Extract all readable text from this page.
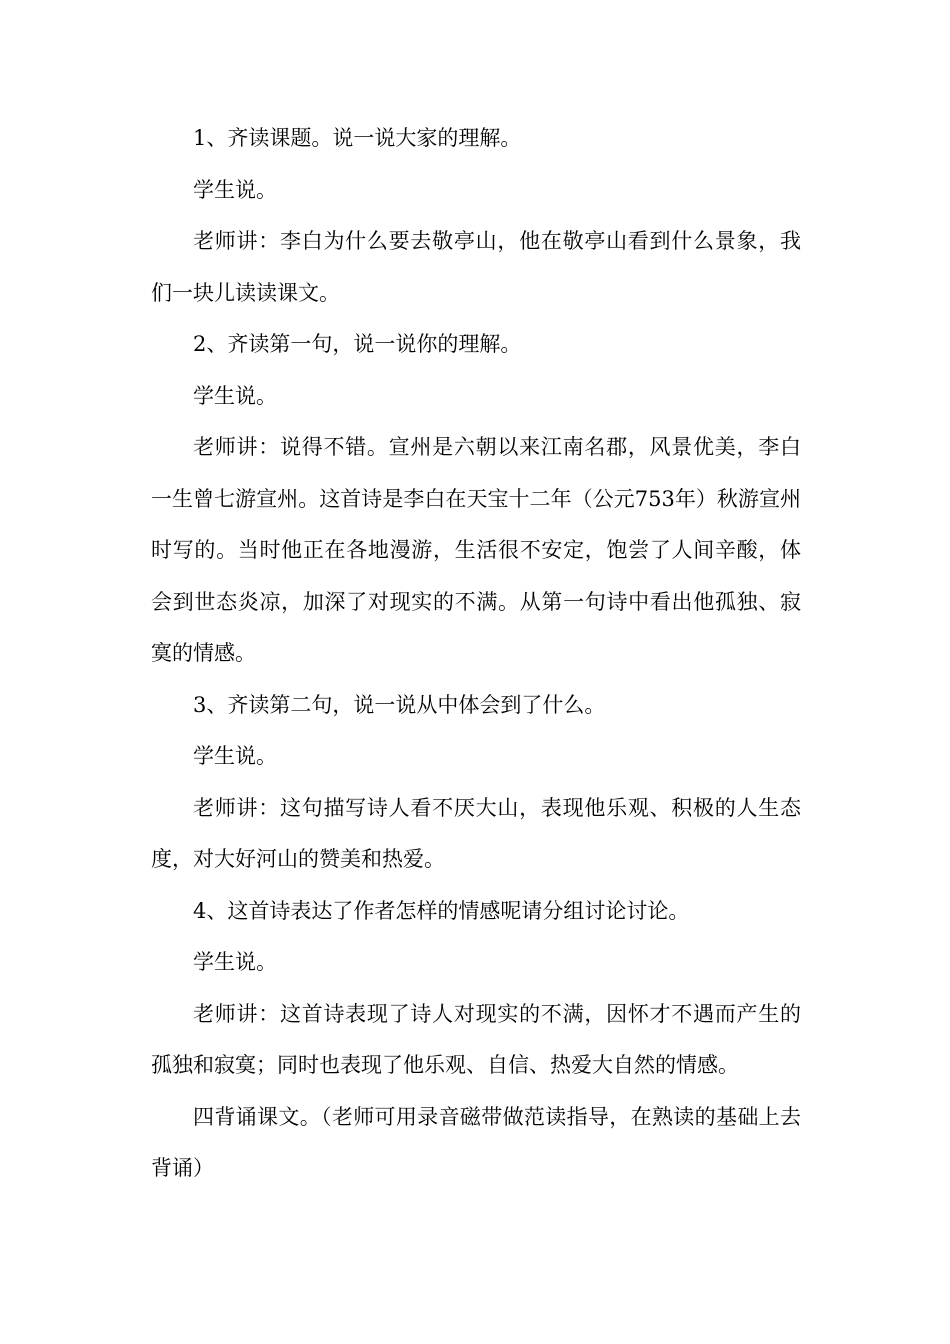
1、齐读课题。说一说大家的理解。

学生说。

老师讲：李白为什么要去敬亭山，他在敬亭山看到什么景象，我们一块儿读读课文。

2、齐读第一句，说一说你的理解。

学生说。

老师讲：说得不错。宣州是六朝以来江南名郡，风景优美，李白一生曾七游宣州。这首诗是李白在天宝十二年（公元753年）秋游宣州时写的。当时他正在各地漫游，生活很不安定，饱尝了人间辛酸，体会到世态炎凉，加深了对现实的不满。从第一句诗中看出他孤独、寂寞的情感。

3、齐读第二句，说一说从中体会到了什么。

学生说。

老师讲：这句描写诗人看不厌大山，表现他乐观、积极的人生态度，对大好河山的赞美和热爱。

4、这首诗表达了作者怎样的情感呢请分组讨论讨论。

学生说。

老师讲：这首诗表现了诗人对现实的不满，因怀才不遇而产生的孤独和寂寞；同时也表现了他乐观、自信、热爱大自然的情感。

四背诵课文。（老师可用录音磁带做范读指导，在熟读的基础上去背诵）
